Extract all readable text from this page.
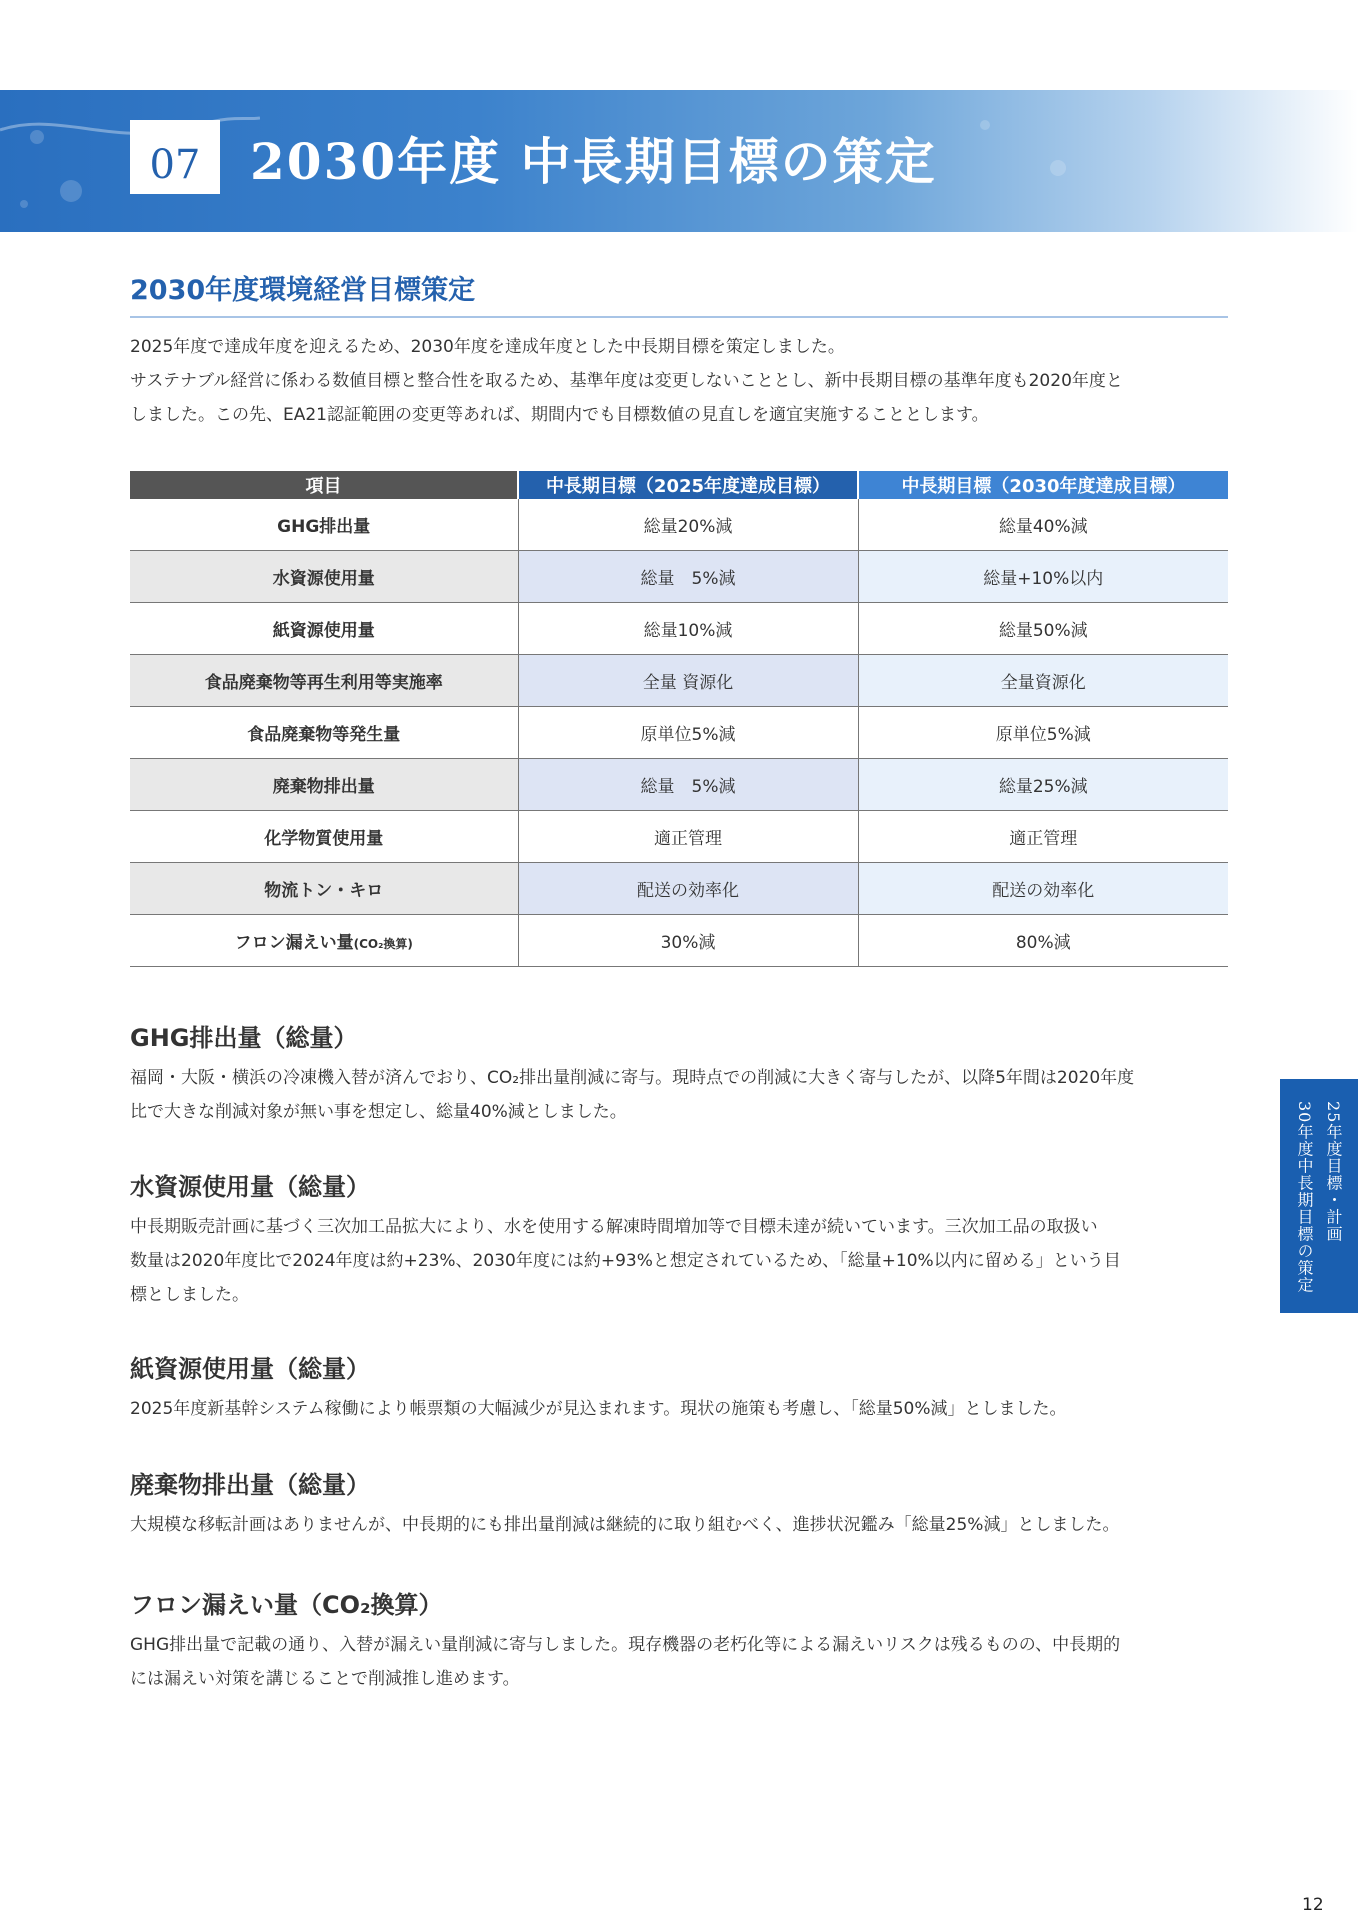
07 2030年度 中長期目標の策定
2030年度環境経営目標策定

2025年度で達成年度を迎えるため、2030年度を達成年度とした中長期目標を策定しました。

サステナブル経営に係わる数値目標と整合性を取るため、基準年度は変更しないこととし、新中長期目標の基準年度も2020年度と

しました。この先、EA21認証範囲の変更等あれば、期間内でも目標数値の見直しを適宜実施することとします。

項目	中長期目標（2025年度達成目標）	中長期目標（2030年度達成目標）
GHG排出量	総量20%減	総量40%減
水資源使用量	総量　5%減	総量+10%以内
紙資源使用量	総量10%減	総量50%減
食品廃棄物等再生利用等実施率	全量 資源化	全量資源化
食品廃棄物等発生量	原単位5%減	原単位5%減
廃棄物排出量	総量　5%減	総量25%減
化学物質使用量	適正管理	適正管理
物流トン・キロ	配送の効率化	配送の効率化
フロン漏えい量(CO₂換算)	30%減	80%減
GHG排出量（総量）

福岡・大阪・横浜の冷凍機入替が済んでおり、CO₂排出量削減に寄与。現時点での削減に大きく寄与したが、以降5年間は2020年度
比で大きな削減対象が無い事を想定し、総量40%減としました。

水資源使用量（総量）

中長期販売計画に基づく三次加工品拡大により、水を使用する解凍時間増加等で目標未達が続いています。三次加工品の取扱い
数量は2020年度比で2024年度は約+23%、2030年度には約+93%と想定されているため、「総量+10%以内に留める」という目
標としました。

紙資源使用量（総量）

2025年度新基幹システム稼働により帳票類の大幅減少が見込まれます。現状の施策も考慮し、「総量50%減」としました。

廃棄物排出量（総量）

大規模な移転計画はありませんが、中長期的にも排出量削減は継続的に取り組むべく、進捗状況鑑み「総量25%減」としました。

フロン漏えい量（CO₂換算）

GHG排出量で記載の通り、入替が漏えい量削減に寄与しました。現存機器の老朽化等による漏えいリスクは残るものの、中長期的
には漏えい対策を講じることで削減推し進めます。

25年度目標・計画
30年度中長期目標の策定
12
